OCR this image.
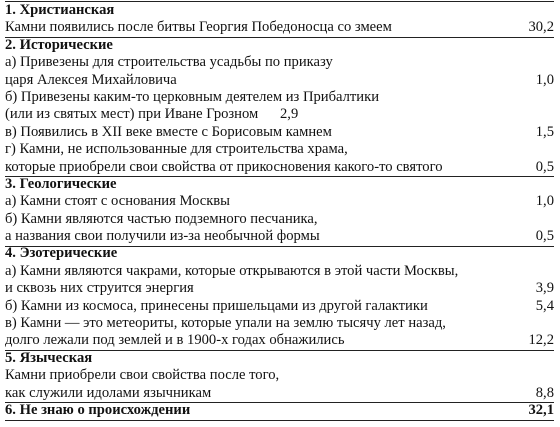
1. Христианская
Камни появились после битвы Георгия Победоносца со змеем	30,2
2. Исторические
а) Привезены для строительства усадьбы по приказу
царя Алексея Михайловича	1,0
б) Привезены каким-то церковным деятелем из Прибалтики
(или из святых мест) при Иване Грозном 2,9
в) Появились в XII веке вместе с Борисовым камнем	1,5
г) Камни, не использованные для строительства храма,
которые приобрели свои свойства от прикосновения какого-то святого	0,5
3. Геологические
а) Камни стоят с основания Москвы	1,0
б) Камни являются частью подземного песчаника,
а названия свои получили из-за необычной формы	0,5
4. Эзотерические
а) Камни являются чакрами, которые открываются в этой части Москвы,
и сквозь них струится энергия	3,9
б) Камни из космоса, принесены пришельцами из другой галактики	5,4
в) Камни — это метеориты, которые упали на землю тысячу лет назад,
долго лежали под землей и в 1900-х годах обнажились	12,2
5. Языческая
Камни приобрели свои свойства после того,
как служили идолами язычникам	8,8
6. Не знаю о происхождении	32,1
